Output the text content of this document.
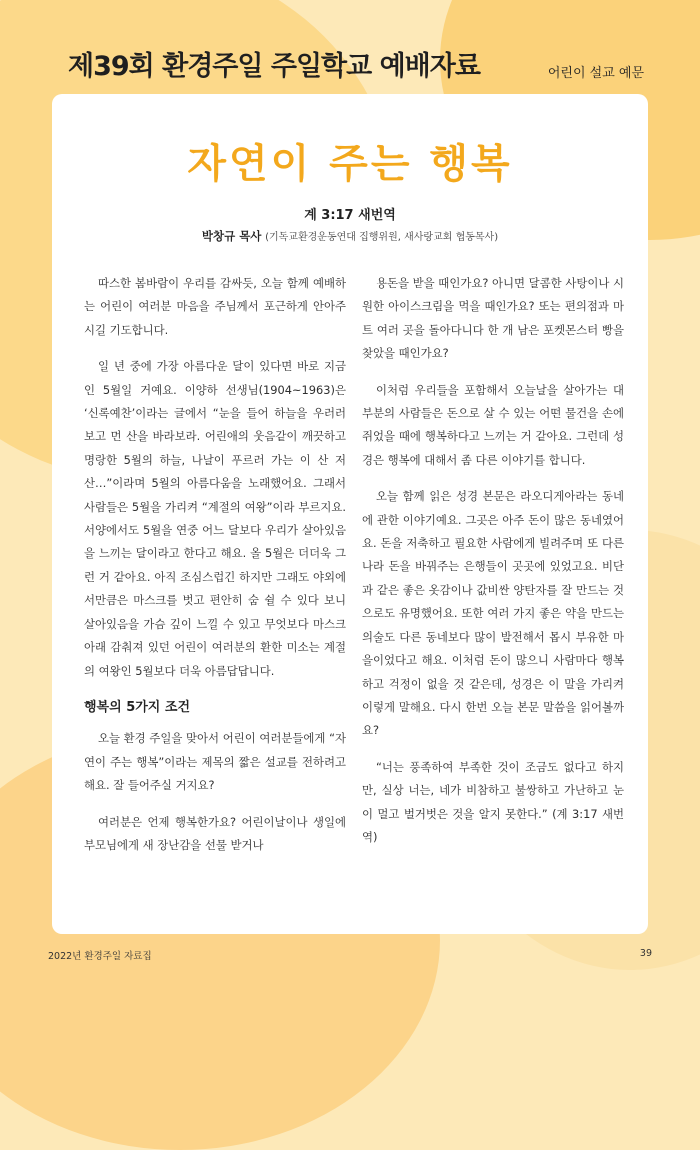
제39회 환경주일 주일학교 예배자료	어린이 설교 예문
자연이 주는 행복
계 3:17 새번역
박창규 목사 (기독교환경운동연대 집행위원, 새사랑교회 협동목사)

따스한 봄바람이 우리를 감싸듯, 오늘 함께 예배하는 어린이 여러분 마음을 주님께서 포근하게 안아주시길 기도합니다.

일 년 중에 가장 아름다운 달이 있다면 바로 지금인 5월일 거예요. 이양하 선생님(1904~1963)은 ‘신록예찬’이라는 글에서 “눈을 들어 하늘을 우러러보고 먼 산을 바라보라. 어린애의 웃음같이 깨끗하고 명랑한 5월의 하늘, 나날이 푸르러 가는 이 산 저 산…”이라며 5월의 아름다움을 노래했어요. 그래서 사람들은 5월을 가리켜 “계절의 여왕”이라 부르지요. 서양에서도 5월을 연중 어느 달보다 우리가 살아있음을 느끼는 달이라고 한다고 해요. 올 5월은 더더욱 그런 거 같아요. 아직 조심스럽긴 하지만 그래도 야외에서만큼은 마스크를 벗고 편안히 숨 쉴 수 있다 보니 살아있음을 가슴 깊이 느낄 수 있고 무엇보다 마스크 아래 감춰져 있던 어린이 여러분의 환한 미소는 계절의 여왕인 5월보다 더욱 아름답답니다.

행복의 5가지 조건

오늘 환경 주일을 맞아서 어린이 여러분들에게 “자연이 주는 행복”이라는 제목의 짧은 설교를 전하려고 해요. 잘 들어주실 거지요?

여러분은 언제 행복한가요? 어린이날이나 생일에 부모님에게 새 장난감을 선물 받거나

용돈을 받을 때인가요? 아니면 달콤한 사탕이나 시원한 아이스크림을 먹을 때인가요? 또는 편의점과 마트 여러 곳을 돌아다니다 한 개 남은 포켓몬스터 빵을 찾았을 때인가요?

이처럼 우리들을 포함해서 오늘날을 살아가는 대부분의 사람들은 돈으로 살 수 있는 어떤 물건을 손에 쥐었을 때에 행복하다고 느끼는 거 같아요. 그런데 성경은 행복에 대해서 좀 다른 이야기를 합니다.

오늘 함께 읽은 성경 본문은 라오디게아라는 동네에 관한 이야기예요. 그곳은 아주 돈이 많은 동네였어요. 돈을 저축하고 필요한 사람에게 빌려주며 또 다른 나라 돈을 바꿔주는 은행들이 곳곳에 있었고요. 비단과 같은 좋은 옷감이나 값비싼 양탄자를 잘 만드는 것으로도 유명했어요. 또한 여러 가지 좋은 약을 만드는 의술도 다른 동네보다 많이 발전해서 몹시 부유한 마을이었다고 해요. 이처럼 돈이 많으니 사람마다 행복하고 걱정이 없을 것 같은데, 성경은 이 말을 가리켜 이렇게 말해요. 다시 한번 오늘 본문 말씀을 읽어볼까요?

“너는 풍족하여 부족한 것이 조금도 없다고 하지만, 실상 너는, 네가 비참하고 불쌍하고 가난하고 눈이 멀고 벌거벗은 것을 알지 못한다.” (계 3:17 새번역)

2022년 환경주일 자료집	39
